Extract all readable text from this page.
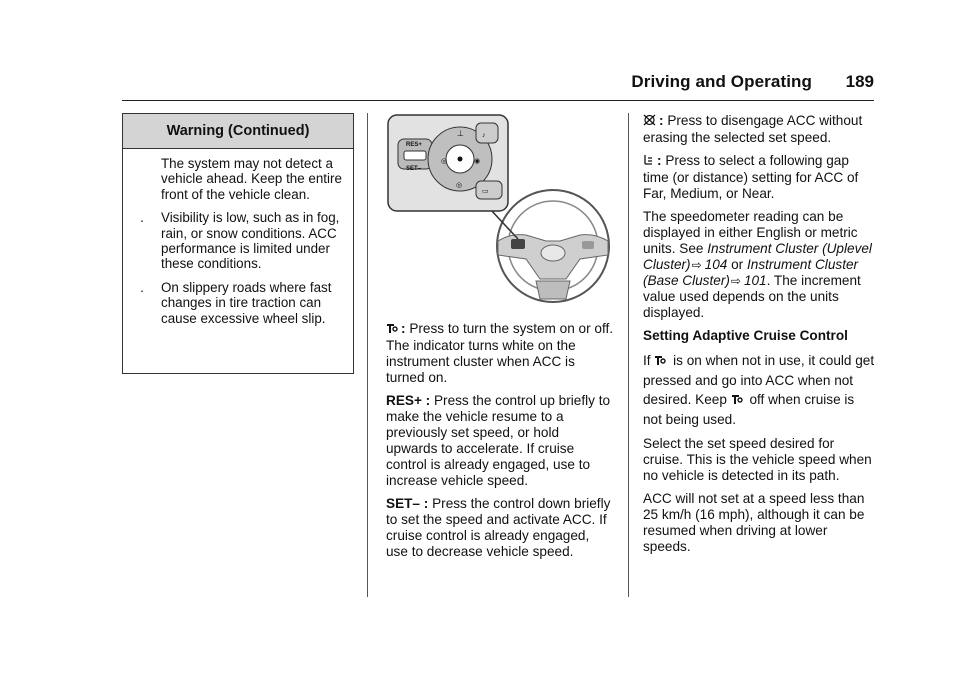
Driving and Operating 189
Warning (Continued)

The system may not detect a vehicle ahead. Keep the entire front of the vehicle clean.

.	Visibility is low, such as in fog, rain, or snow conditions. ACC performance is limited under these conditions.
.	On slippery roads where fast changes in tire traction can cause excessive wheel slip.
RES+
SET–
⊥
◎	◉
◎
♪
▭

: Press to turn the system on or off. The indicator turns white on the instrument cluster when ACC is turned on.

RES+ : Press the control up briefly to make the vehicle resume to a previously set speed, or hold upwards to accelerate. If cruise control is already engaged, use to increase vehicle speed.

SET– : Press the control down briefly to set the speed and activate ACC. If cruise control is already engaged, use to decrease vehicle speed.

: Press to disengage ACC without erasing the selected set speed.

: Press to select a following gap time (or distance) setting for ACC of Far, Medium, or Near.

The speedometer reading can be displayed in either English or metric units. See Instrument Cluster (Uplevel Cluster)⇨ 104 or Instrument Cluster (Base Cluster)⇨ 101. The increment value used depends on the units displayed.

Setting Adaptive Cruise Control

If is on when not in use, it could get pressed and go into ACC when not desired. Keep off when cruise is not being used.

Select the set speed desired for cruise. This is the vehicle speed when no vehicle is detected in its path.

ACC will not set at a speed less than 25 km/h (16 mph), although it can be resumed when driving at lower speeds.
